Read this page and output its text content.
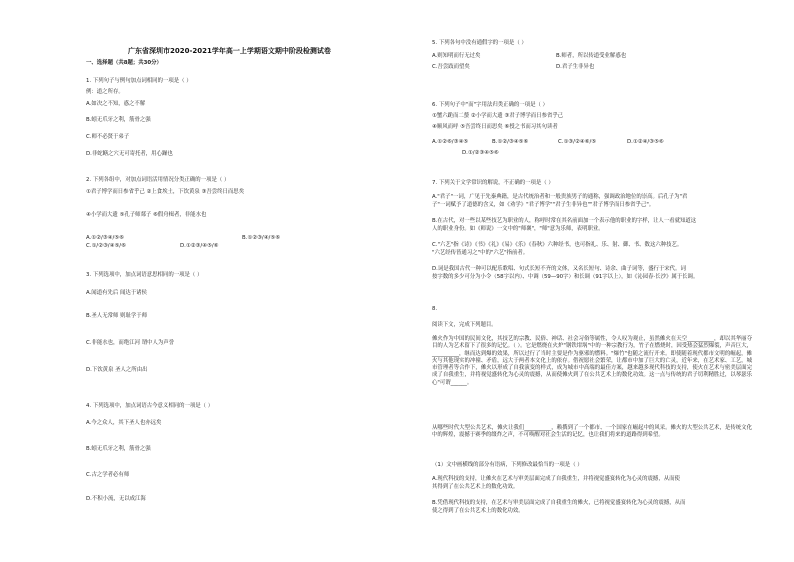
广东省深圳市2020-2021学年高一上学期语文期中阶段检测试卷
一、选择题（共8题；共30分）
1. 下列句子与例句加点词相同的一项是（ ）
例：道之所存。
A.如决之不知，惑之不解
B.蚓无爪牙之利，筋骨之强
C.师不必贤于弟子
D.非蛇鳝之穴无可寄托者，用心躁也
2. 下列各组中，对加点词语活用情况分类正确的一项是（ ）
①君子博学而日参省乎己 ②上食埃土，下饮黄泉 ③吾尝终日而思矣
④小学而大遗 ⑤孔子师郯子 ⑥假舟楫者，非能水也
A.①②/③④/⑤⑥	B.①②③/④/⑤⑥
C.①/②③/④⑤/⑥	D.①②③/④⑤/⑥
3. 下列选项中，加点词语意思相同的一项是（ ）
A.闻道有先后 闻达于诸侯
B.圣人无常师 则耻学于师
C.非能水也，而绝江河 谓中人为声誉
D.下饮黄泉 圣人之所由出
4. 下列选项中，加点词语古今意义相同的一项是（ ）
A.今之众人，其下圣人也亦远矣
B.蚓无爪牙之利，筋骨之强
C.古之学者必有师
D.不积小流，无以成江海
5. 下列各句中没有通假字的一项是（ ）
A.则知明而行无过矣	B.师者，所以传道受业解惑也
C.吾尝跂而望矣	D.君子生非异也
6. 下列句子中"而"字用法归类正确的一项是（ ）
①蟹六跪而二螯 ②小学而大遗 ③君子博学而日参省乎己
④顺风而呼 ⑤吾尝终日而思矣 ⑥授之书而习其句读者
A.①②⑥/③④⑤	B.①②/③④⑤⑥	C.①③/②④⑥/⑤	D.①②④/③⑤⑥
D.①/②③④⑤⑥
7. 下列关于文学常识的解说，不正确的一项是（ ）
A."君子"一词，广见于先秦典籍，是古代统治者和一般贵族男子的通称，强调政治地位的崇高。后孔子为"君
子"一词赋予了道德的含义，如《劝学》"君子博学""君子生非异也""君子博学而日参省乎己"。
B.在古代，对一些以某些技艺为职业的人，称呼时常在其名前面加一个表示他的职业的字样，让人一看就知道这
人的职业身份。如《师说》一文中的"师襄"，"师"意为乐师，表明职业。
C."六艺"指《诗》《书》《礼》《易》《乐》《春秋》六种经书，也可指礼、乐、射、御、书、数这六种技艺。
"六艺经传皆通习之"中的"六艺"指前者。
D.词是我国古代一种可以配乐歌唱、句式长短不齐的文体，又名长短句、诗余、曲子词等，盛行于宋代。词
按字数的多少可分为小令（58字以内）、中调（59—90字）和长调（91字以上），如《沁园春·长沙》属于长调。
8.
阅读下文，完成下列题目。
傩火作为中国的民间文化，其技艺的宗教、民俗、神话、社会习俗等属性，令人叹为观止，虽然傩火在天空__________，却以其华丽夺目的人为艺术留下了很多的记忆。（ ）。它是燃烧在火炉"钢铁坩埚"中的一种宗教行为，竹子在燃烧时，因受热会猛烈爆裂，声音巨大，__________，继而达到爆的效果，所以过行了当时主要是作为驱邪的燃料。"爆竹"也随之流行开来。即使随着现代都市文明的崛起，傩火与其他现实的冲撞、矛盾，远大于两者本文化上的依存。借祝愿社会繁荣，让都市中加了巨大的亡灵，近年来，在艺术家、工艺，城市管理者等合作下，傩火以形成了自我演变的样式，成为城市中高端的最佳方案，越来越多现代科技的支持，使火在艺术与密美层面完成了自我重生，并将视觉盛转化为心灵的震撼，从而使傩火到了在公共艺术上的数化功效。这一点与传统的君子切利精胜过，以琴瑟乐心"可谓______。
从哪些时代大型公共艺术，傩火让我们__________，赖撰到了一个都市、一个国家在崛起中的风采。傩火的大型公共艺术，是传统文化中的辉煌，震撼于赛季的缀炸之声，不可唤醒对社会生活的记忆，也让我们将来的道路得到希望。
（1）文中画横线的部分有语病，下列修改最恰当的一项是（ ）
A.现代科技的支持，让傩火在艺术与审美层面完成了自我重生，并将视觉盛宴转化为心灵的震撼，从而使
其得到了在公共艺术上的数化功效。
B.凭借现代科技的支持，在艺术与审美层面完成了自我重生的傩火，已将视觉盛宴转化为心灵的震撼，从而
使之得到了在公共艺术上的数化功效。
